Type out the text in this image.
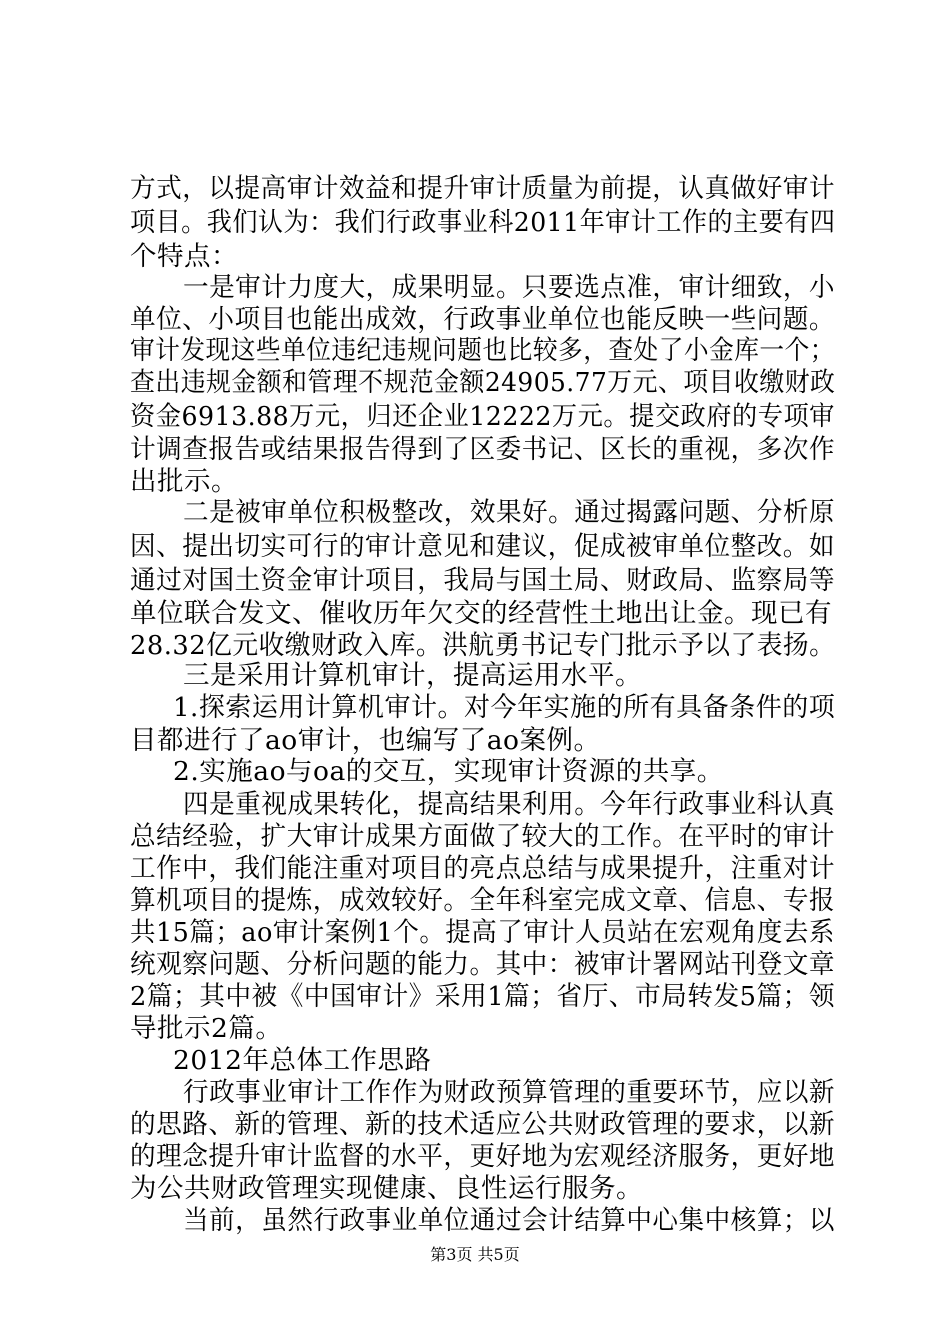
方式，以提高审计效益和提升审计质量为前提，认真做好审计
项目。我们认为：我们行政事业科2011年审计工作的主要有四
个特点：
一是审计力度大，成果明显。只要选点准，审计细致，小
单位、小项目也能出成效，行政事业单位也能反映一些问题。
审计发现这些单位违纪违规问题也比较多，查处了小金库一个；
查出违规金额和管理不规范金额24905.77万元、项目收缴财政
资金6913.88万元，归还企业12222万元。提交政府的专项审
计调查报告或结果报告得到了区委书记、区长的重视，多次作
出批示。
二是被审单位积极整改，效果好。通过揭露问题、分析原
因、提出切实可行的审计意见和建议，促成被审单位整改。如
通过对国土资金审计项目，我局与国土局、财政局、监察局等
单位联合发文、催收历年欠交的经营性土地出让金。现已有
28.32亿元收缴财政入库。洪航勇书记专门批示予以了表扬。
三是采用计算机审计，提高运用水平。
1.探索运用计算机审计。对今年实施的所有具备条件的项
目都进行了ao审计，也编写了ao案例。
2.实施ao与oa的交互，实现审计资源的共享。
四是重视成果转化，提高结果利用。今年行政事业科认真
总结经验，扩大审计成果方面做了较大的工作。在平时的审计
工作中，我们能注重对项目的亮点总结与成果提升，注重对计
算机项目的提炼，成效较好。全年科室完成文章、信息、专报
共15篇；ao审计案例1个。提高了审计人员站在宏观角度去系
统观察问题、分析问题的能力。其中：被审计署网站刊登文章
2篇；其中被《中国审计》采用1篇；省厅、市局转发5篇；领
导批示2篇。
2012年总体工作思路
行政事业审计工作作为财政预算管理的重要环节，应以新
的思路、新的管理、新的技术适应公共财政管理的要求，以新
的理念提升审计监督的水平，更好地为宏观经济服务，更好地
为公共财政管理实现健康、良性运行服务。
当前，虽然行政事业单位通过会计结算中心集中核算；以
第3页 共5页
